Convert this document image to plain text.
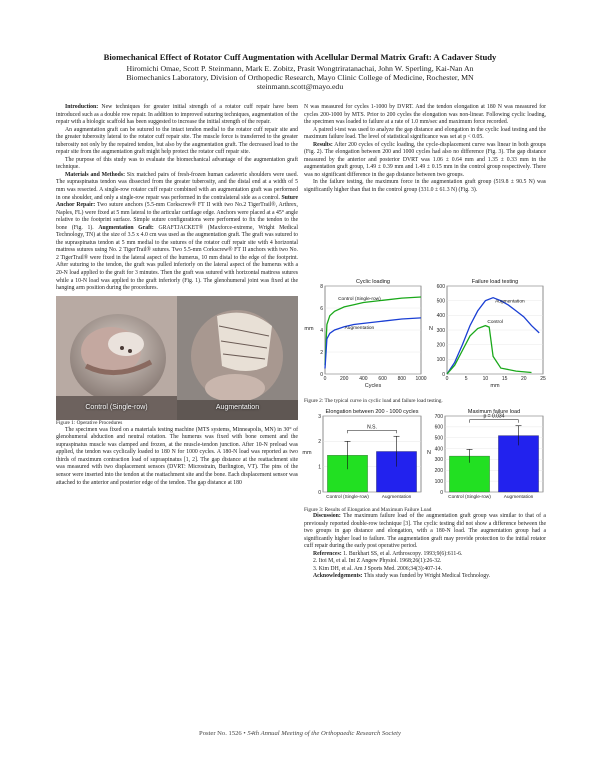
Biomechanical Effect of Rotator Cuff Augmentation with Acellular Dermal Matrix Graft: A Cadaver Study
Hiromichi Omae, Scott P. Steinmann, Mark E. Zobitz, Prasit Wongtriratanachai, John W. Sperling, Kai-Nan An
Biomechanics Laboratory, Division of Orthopedic Research, Mayo Clinic College of Medicine, Rochester, MN
steinmann.scott@mayo.edu

Introduction: New techniques for greater initial strength of a rotator cuff repair have been introduced such as a double row repair. In addition to improved suturing techniques, augmentation of the repair with a biologic scaffold has been suggested to increase the initial strength of the repair.

An augmentation graft can be sutured to the intact tendon medial to the rotator cuff repair site and the greater tuberosity lateral to the rotator cuff repair site. The muscle force is transferred to the greater tuberosity not only by the repaired tendon, but also by the augmentation graft. The decreased load to the repair site from the augmentation graft might help protect the rotator cuff repair site.

The purpose of this study was to evaluate the biomechanical advantage of the augmentation graft technique.

Materials and Methods: Six matched pairs of fresh-frozen human cadaveric shoulders were used. The supraspinatus tendon was dissected from the greater tuberosity, and the distal end at a width of 5 mm was resected. A single-row rotator cuff repair combined with an augmentation graft was performed in one shoulder, and only a single-row repair was performed in the contralateral side as a control. Suture Anchor Repair: Two suture anchors (5.5-mm Corkscrew® FT II with two No.2 TigerTrail®, Arthrex, Naples, FL) were fixed at 5 mm lateral to the articular cartilage edge. Anchors were placed at a 45° angle relative to the footprint surface. Simple suture configurations were performed to fix the tendon to the bone (Fig. 1). Augmentation Graft: GRAFTJACKET® (Maxforce-extreme, Wright Medical Technology, TN) at the size of 3.5 x 4.0 cm was used as the augmentation graft. The graft was sutured to the supraspinatus tendon at 5 mm medial to the sutures of the rotator cuff repair site with 4 horizontal mattress sutures using No. 2 TigerTrail® sutures. Two 5.5-mm Corkscrew® FT II anchors with two No. 2 TigerTrail® were fixed in the lateral aspect of the humerus, 10 mm distal to the edge of the footprint. After suturing to the tendon, the graft was pulled inferiorly on the lateral aspect of the humerus with a 20-N load applied to the graft for 3 minutes. Then the graft was sutured with horizontal mattress sutures while a 10-N load was applied to the graft inferiorly (Fig. 1). The glenohumeral joint was fixed at the hanging arm position during the procedures.

Control (Single-row)	Augmentation

Figure 1: Operative Procedures

The specimen was fixed on a materials testing machine (MTS systems, Minneapolis, MN) in 30° of glenohumeral abduction and neutral rotation. The humerus was fixed with bone cement and the supraspinatus muscle was clamped and frozen, at the muscle-tendon junction. After 10-N preload was applied, the tendon was cyclically loaded to 180 N for 1000 cycles. A 180-N load was reported as two thirds of maximum contraction load of supraspinatus [1, 2]. The gap distance at the reattachment site was measured with two displacement sensors (DVRT: Microstrain, Burlington, VT). The pins of the sensor were inserted into the tendon at the reattachment site and the bone. Each displacement sensor was attached to the anterior and posterior edge of the tendon. The gap distance at 180

N was measured for cycles 1-1000 by DVRT. And the tendon elongation at 180 N was measured for cycles 200-1000 by MTS. Prior to 200 cycles the elongation was non-linear. Following cyclic loading, the specimen was loaded to failure at a rate of 1.0 mm/sec and maximum force recorded.

A paired t-test was used to analyze the gap distance and elongation in the cyclic load testing and the maximum failure load. The level of statistical significance was set at p < 0.05.

Results: After 200 cycles of cyclic loading, the cycle-displacement curve was linear in both groups (Fig. 2). The elongation between 200 and 1000 cycles had also no difference (Fig. 3). The gap distance measured by the anterior and posterior DVRT was 1.06 ± 0.64 mm and 1.35 ± 0.33 mm in the augmentation graft group, 1.49 ± 0.39 mm and 1.49 ± 0.15 mm in the control group respectively. There was no significant difference in the gap distance between two groups.

In the failure testing, the maximum force in the augmentation graft group (519.8 ± 90.5 N) was significantly higher than that in the control group (331.0 ± 61.3 N) (Fig. 3).

Cyclic loading
0
2
4
6
8
mm
0	200 400 600 800 1000
Cycles
Control (Single-row)
Augmentation
Failure load testing
0
100
200
300
400
500
600
N
0	5	10	15	20	25
mm
Augmentation
Control
Figure 2: The typical curve in cyclic load and failure load testing.
Elongation between 200 - 1000 cycles
0
1
2
3
mm
Control (Single-row)	Augmentation
N.S.
Maximum failure load
0
100
200
300
400
500
600
700
N
Control (Single-row)	Augmentation
p = 0.034
Figure 3: Results of Elongation and Maximum Failure Load

Discussion: The maximum failure load of the augmentation graft group was similar to that of a previously reported double-row technique [3]. The cyclic testing did not show a difference between the two groups in gap distance and elongation, with a 180-N load. The augmentation group had a significantly higher load to failure. The augmentation graft may provide protection to the initial rotator cuff repair during the early post operative period.

References: 1. Burkhart SS, et al. Arthroscopy. 1993;9(6):611-6.

2. Itoi M, et al. Int Z Angew Physiol. 1968;26(1):26-32.

3. Kim DH, et al. Am J Sports Med. 2006;34(3):407-14.

Acknowledgements: This study was funded by Wright Medical Technology.

Poster No. 1526 • 54th Annual Meeting of the Orthopaedic Research Society
